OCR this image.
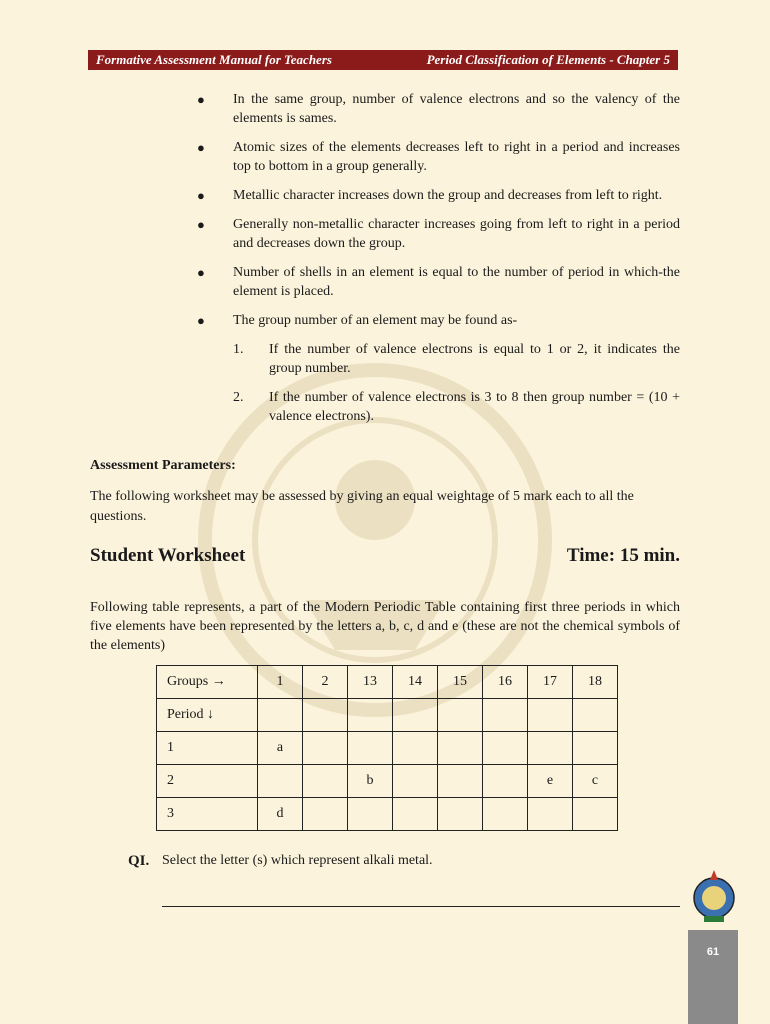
Formative Assessment Manual for Teachers	Period Classification of Elements - Chapter 5
● In the same group, number of valence electrons and so the valency of the elements is sames.
● Atomic sizes of the elements decreases left to right in a period and increases top to bottom in a group generally.
● Metallic character increases down the group and decreases from left to right.
● Generally non-metallic character increases going from left to right in a period and decreases down the group.
● Number of shells in an element is equal to the number of period in which-the element is placed.
● The group number of an element may be found as-
1. If the number of valence electrons is equal to 1 or 2, it indicates the group number.
2. If the number of valence electrons is 3 to 8 then group number = (10 + valence electrons).
Assessment Parameters:
The following worksheet may be assessed by giving an equal weightage of 5 mark each to all the questions.
Student Worksheet	Time: 15 min.
Following table represents, a part of the Modern Periodic Table containing first three periods in which five elements have been represented by the letters a, b, c, d and e (these are not the chemical symbols of the elements)
Groups →	1	2	13	14	15	16	17	18
Period ↓								
1	a							
2			b				e	c
3	d							
QI. Select the letter (s) which represent alkali metal.
61
